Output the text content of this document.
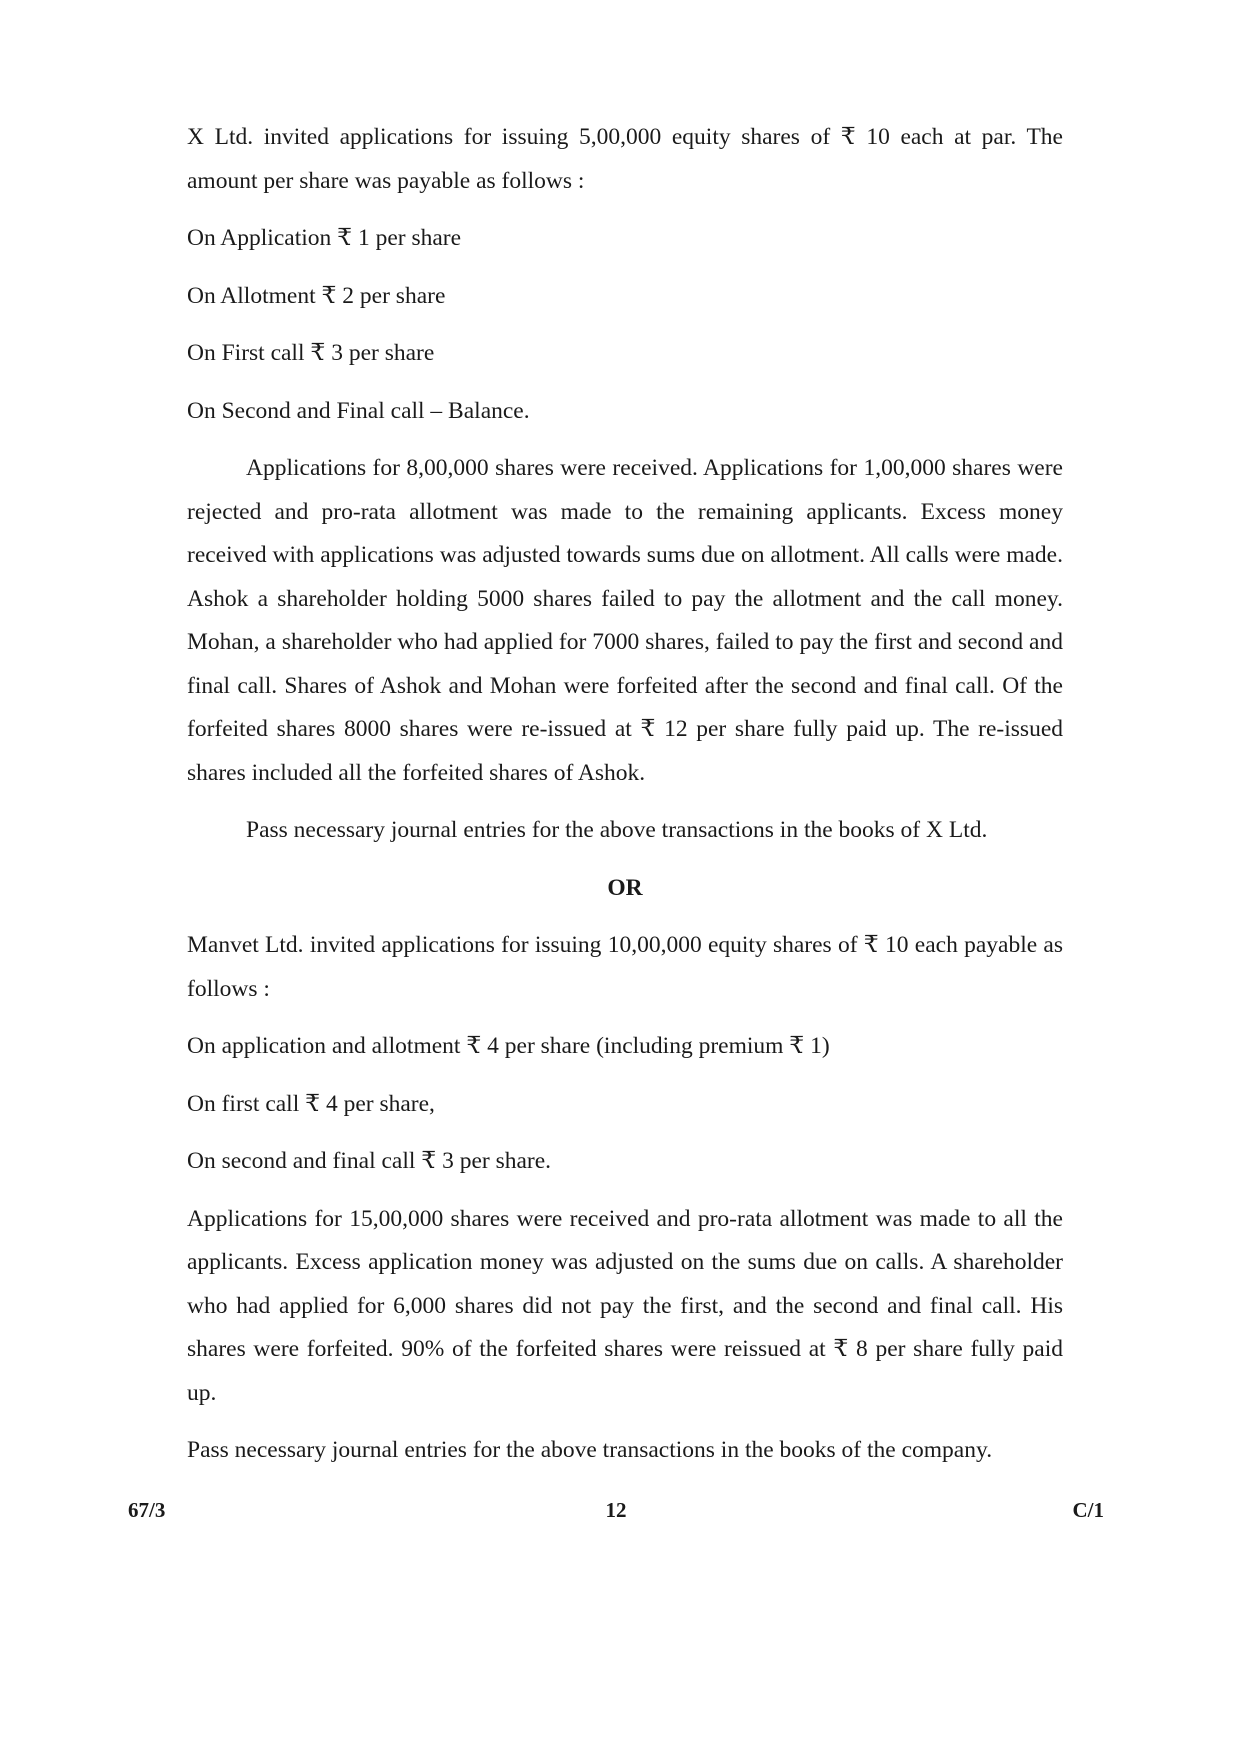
X Ltd. invited applications for issuing 5,00,000 equity shares of ₹ 10 each at par. The amount per share was payable as follows :

On Application ₹ 1 per share

On Allotment ₹ 2 per share

On First call ₹ 3 per share

On Second and Final call – Balance.

Applications for 8,00,000 shares were received. Applications for 1,00,000 shares were rejected and pro-rata allotment was made to the remaining applicants. Excess money received with applications was adjusted towards sums due on allotment. All calls were made. Ashok a shareholder holding 5000 shares failed to pay the allotment and the call money. Mohan, a shareholder who had applied for 7000 shares, failed to pay the first and second and final call. Shares of Ashok and Mohan were forfeited after the second and final call. Of the forfeited shares 8000 shares were re-issued at ₹ 12 per share fully paid up. The re-issued shares included all the forfeited shares of Ashok.

Pass necessary journal entries for the above transactions in the books of X Ltd.

OR

Manvet Ltd. invited applications for issuing 10,00,000 equity shares of ₹ 10 each payable as follows :

On application and allotment ₹ 4 per share (including premium ₹ 1)

On first call ₹ 4 per share,

On second and final call ₹ 3 per share.

Applications for 15,00,000 shares were received and pro-rata allotment was made to all the applicants. Excess application money was adjusted on the sums due on calls. A shareholder who had applied for 6,000 shares did not pay the first, and the second and final call. His shares were forfeited. 90% of the forfeited shares were reissued at ₹ 8 per share fully paid up.

Pass necessary journal entries for the above transactions in the books of the company.

67/3	12	C/1
